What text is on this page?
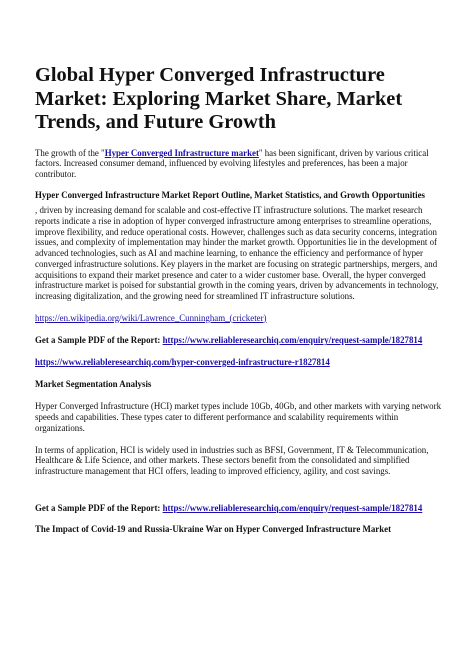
Global Hyper Converged Infrastructure Market: Exploring Market Share, Market Trends, and Future Growth

The growth of the "Hyper Converged Infrastructure market" has been significant, driven by various critical factors. Increased consumer demand, influenced by evolving lifestyles and preferences, has been a major contributor.

Hyper Converged Infrastructure Market Report Outline, Market Statistics, and Growth Opportunities

, driven by increasing demand for scalable and cost-effective IT infrastructure solutions. The market research reports indicate a rise in adoption of hyper converged infrastructure among enterprises to streamline operations, improve flexibility, and reduce operational costs. However, challenges such as data security concerns, integration issues, and complexity of implementation may hinder the market growth. Opportunities lie in the development of advanced technologies, such as AI and machine learning, to enhance the efficiency and performance of hyper converged infrastructure solutions. Key players in the market are focusing on strategic partnerships, mergers, and acquisitions to expand their market presence and cater to a wider customer base. Overall, the hyper converged infrastructure market is poised for substantial growth in the coming years, driven by advancements in technology, increasing digitalization, and the growing need for streamlined IT infrastructure solutions.

https://en.wikipedia.org/wiki/Lawrence_Cunningham_(cricketer)

Get a Sample PDF of the Report: https://www.reliableresearchiq.com/enquiry/request-sample/1827814

https://www.reliableresearchiq.com/hyper-converged-infrastructure-r1827814

Market Segmentation Analysis

Hyper Converged Infrastructure (HCI) market types include 10Gb, 40Gb, and other markets with varying network speeds and capabilities. These types cater to different performance and scalability requirements within organizations.

In terms of application, HCI is widely used in industries such as BFSI, Government, IT & Telecommunication, Healthcare & Life Science, and other markets. These sectors benefit from the consolidated and simplified infrastructure management that HCI offers, leading to improved efficiency, agility, and cost savings.

Get a Sample PDF of the Report: https://www.reliableresearchiq.com/enquiry/request-sample/1827814

The Impact of Covid-19 and Russia-Ukraine War on Hyper Converged Infrastructure Market
